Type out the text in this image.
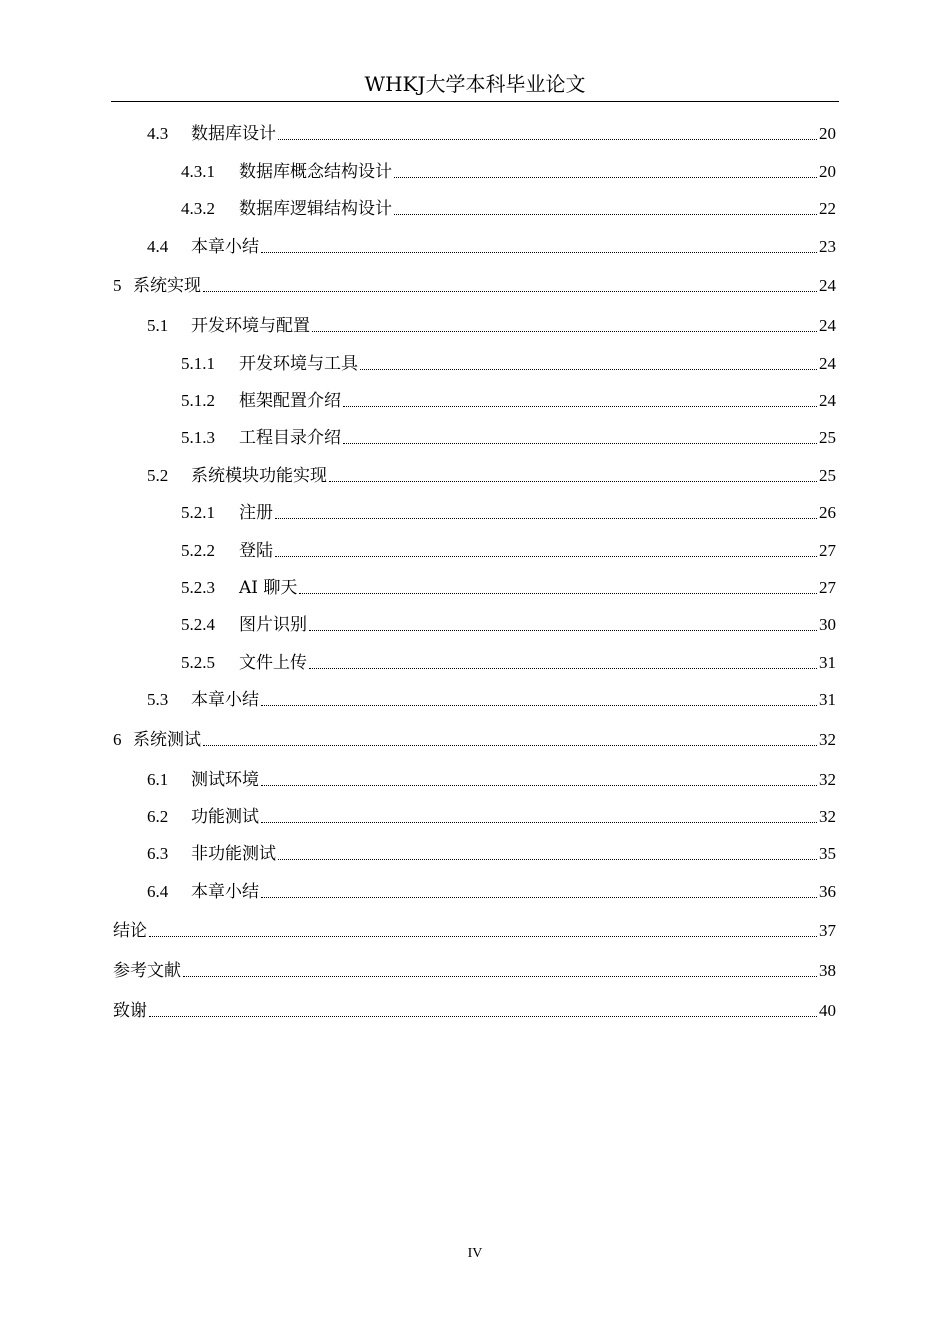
WHKJ大学本科毕业论文
4.3	数据库设计	20
4.3.1	数据库概念结构设计	20
4.3.2	数据库逻辑结构设计	22
4.4	本章小结	23
5 系统实现	24
5.1	开发环境与配置	24
5.1.1	开发环境与工具	24
5.1.2	框架配置介绍	24
5.1.3	工程目录介绍	25
5.2	系统模块功能实现	25
5.2.1	注册	26
5.2.2	登陆	27
5.2.3	AI 聊天	27
5.2.4	图片识别	30
5.2.5	文件上传	31
5.3	本章小结	31
6 系统测试	32
6.1	测试环境	32
6.2	功能测试	32
6.3	非功能测试	35
6.4	本章小结	36
结论	37
参考文献	38
致谢	40
IV
